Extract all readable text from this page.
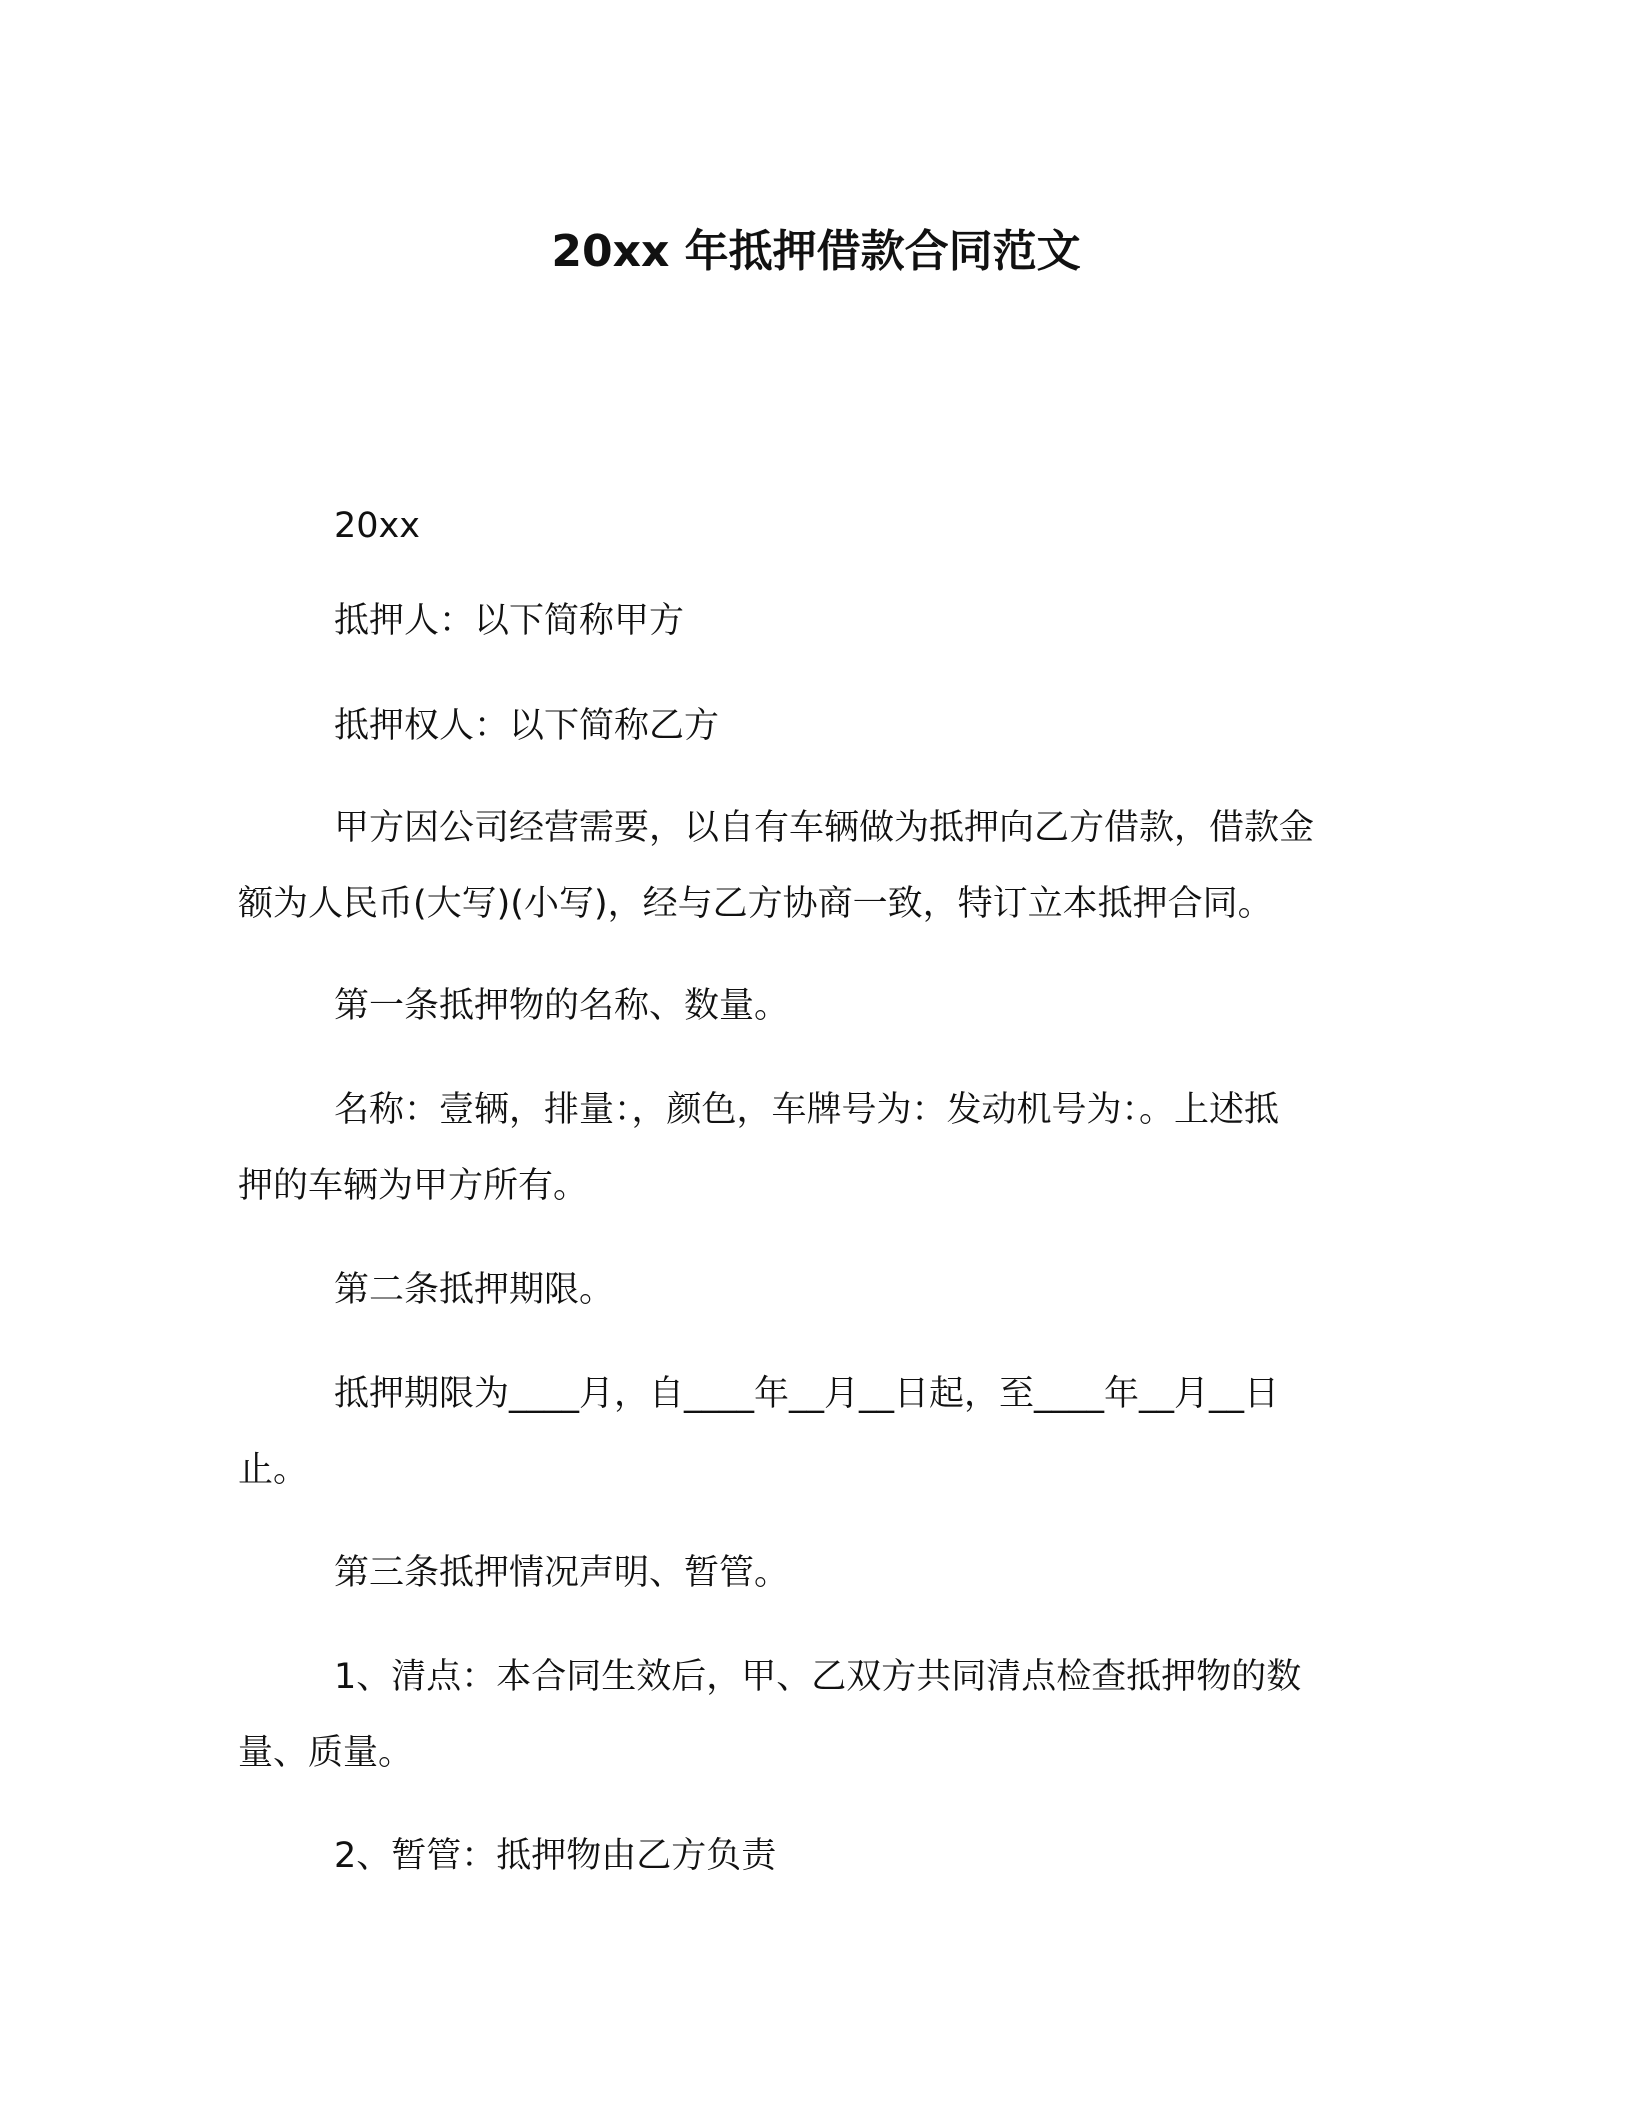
20xx 年抵押借款合同范文
20xx
抵押人：以下简称甲方
抵押权人：以下简称乙方
甲方因公司经营需要，以自有车辆做为抵押向乙方借款，借款金
额为人民币(大写)(小写)，经与乙方协商一致，特订立本抵押合同。
第一条抵押物的名称、数量。
名称：壹辆，排量：，颜色，车牌号为：发动机号为：。上述抵
押的车辆为甲方所有。
第二条抵押期限。
抵押期限为____月，自____年__月__日起，至____年__月__日
止。
第三条抵押情况声明、暂管。
1、清点：本合同生效后，甲、乙双方共同清点检查抵押物的数
量、质量。
2、暂管：抵押物由乙方负责
